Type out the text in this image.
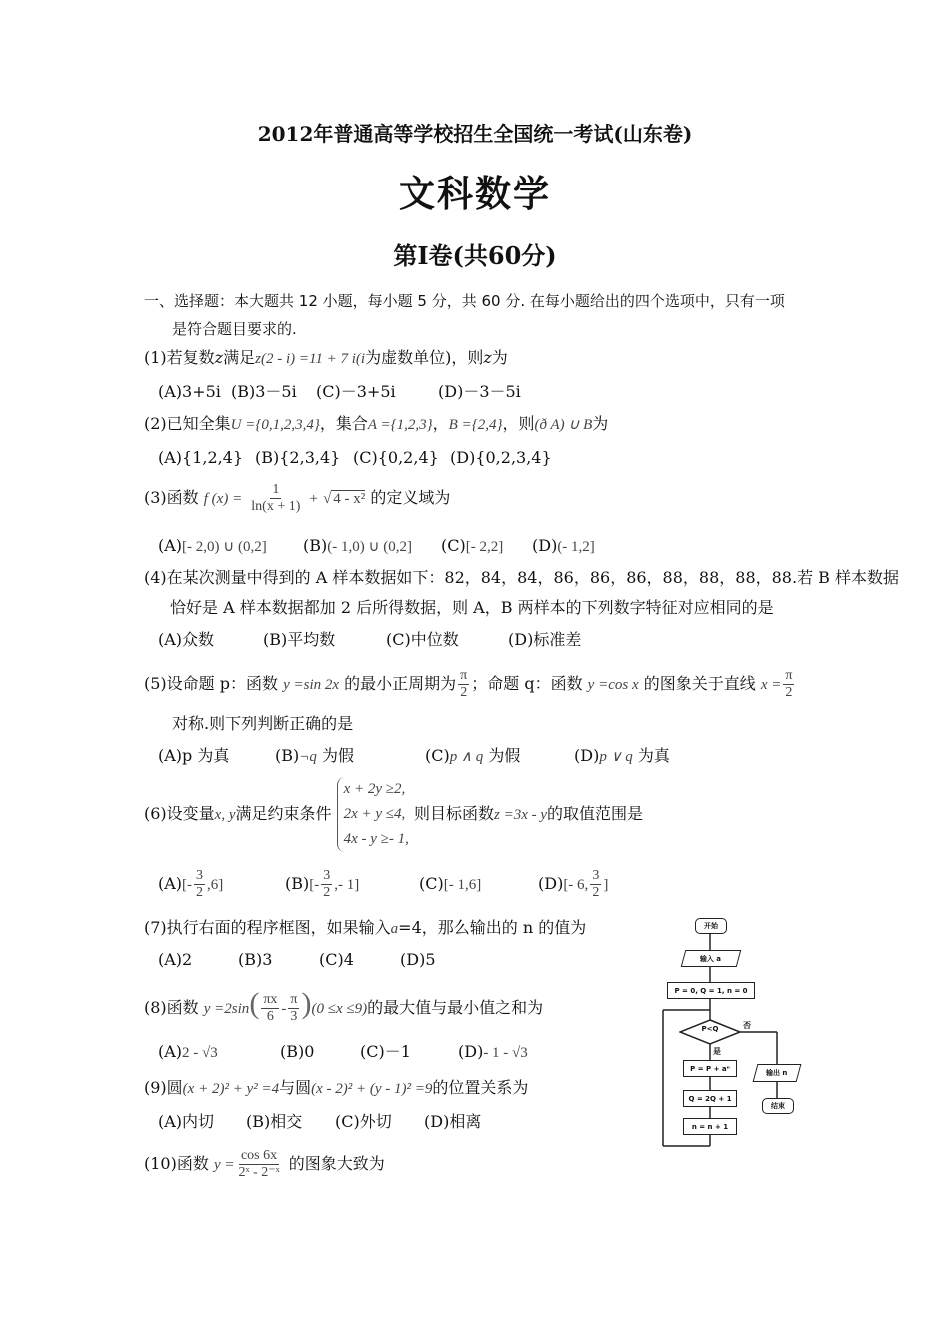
2012年普通高等学校招生全国统一考试(山东卷)
文科数学
第Ⅰ卷(共60分)
一、选择题：本大题共 12 小题，每小题 5 分，共 60 分. 在每小题给出的四个选项中，只有一项
是符合题目要求的.
(1)若复数z满足z(2 - i) =11 + 7 i(i为虚数单位)，则z为
(A)3+5i (B)3－5i (C)－3+5i	(D)－3－5i
(2)已知全集U ={0,1,2,3,4}，集合A ={1,2,3}，B ={2,4}，则(ð A) ∪ B为
(A){1,2,4} (B){2,3,4} (C){0,2,4} (D){0,2,3,4}
(3)函数 f $(x) = \frac{1}{\ln(x + 1)}$ + √ 4 - x² 的定义域为
(A)[- 2,0) ∪ (0,2] (B)(- 1,0) ∪ (0,2] (C)[- 2,2] (D)(- 1,2]
(4)在某次测量中得到的 A 样本数据如下：82，84，84，86，86，86，88，88，88，88.若 B 样本数据
恰好是 A 样本数据都加 2 后所得数据，则 A，B 两样本的下列数字特征对应相同的是
(A)众数	(B)平均数	(C)中位数	(D)标准差
(5)设命题 p：函数 y =sin 2x 的最小正周期为 $\frac{\pi}{2}$ ；命题 q：函数 y =cos x 的图象关于直线 $x = \frac{\pi}{2}$
对称.则下列判断正确的是
(A)p 为真	(B)¬q 为假	(C)p ∧ q 为假	(D)p ∨ q 为真
(6)设变量x, y满足约束条件
x + 2y ≥2,
2x + y ≤4,
4x - y ≥- 1,
则目标函数z =3x - y的取值范围是
$(A)[- \frac{3}{2} ,6]$	$(B)[- \frac{3}{2}$ ,- 1]	(C)[- 1,6]	(D)[- 6, $\frac{3}{2}$ ]
(7)执行右面的程序框图，如果输入a=4，那么输出的 n 的值为
(A)2	(B)3	(C)4	(D)5
(8)函数 $y =2\sin( \frac{\pi x}{6} - \frac{\pi}{3} )(0 \le x \le 9)$的最大值与最小值之和为
(A)2 - √3	(B)0	(C)－1	(D)- 1 - √3
(9)圆(x + 2)² + y² =4与圆(x - 2)² + (y - 1)² =9的位置关系为
(A)内切 (B)相交 (C)外切 (D)相离
(10)函数 $y = \frac{\cos 6x}{\text{2ˣ - 2⁻ˣ}}$ 的图象大致为
开始
输入 a
P = 0, Q = 1, n = 0
P<Q	否
是
P = P + aⁿ
Q = 2Q + 1
n = n + 1
输出 n
结束
